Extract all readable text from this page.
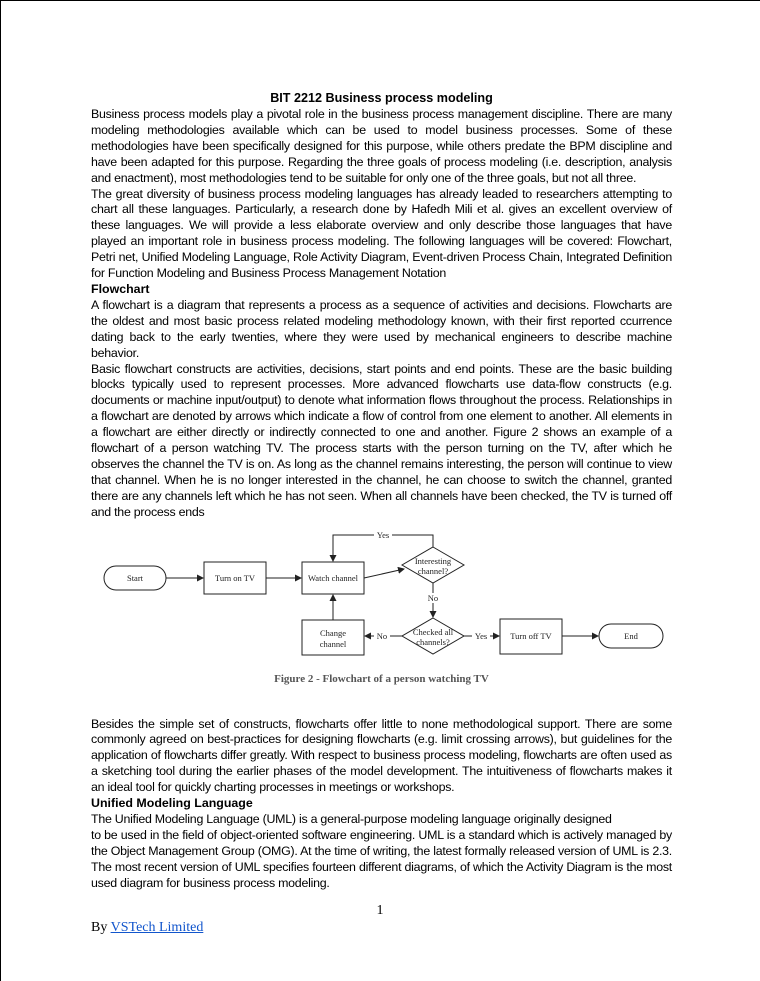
BIT 2212 Business process modeling

Business process models play a pivotal role in the business process management discipline. There are many modeling methodologies available which can be used to model business processes. Some of these methodologies have been specifically designed for this purpose, while others predate the BPM discipline and have been adapted for this purpose. Regarding the three goals of process modeling (i.e. description, analysis and enactment), most methodologies tend to be suitable for only one of the three goals, but not all three.

The great diversity of business process modeling languages has already leaded to researchers attempting to chart all these languages. Particularly, a research done by Hafedh Mili et al. gives an excellent overview of these languages. We will provide a less elaborate overview and only describe those languages that have played an important role in business process modeling. The following languages will be covered: Flowchart, Petri net, Unified Modeling Language, Role Activity Diagram, Event-driven Process Chain, Integrated Definition for Function Modeling and Business Process Management Notation

Flowchart

A flowchart is a diagram that represents a process as a sequence of activities and decisions. Flowcharts are the oldest and most basic process related modeling methodology known, with their first reported ccurrence dating back to the early twenties, where they were used by mechanical engineers to describe machine behavior.

Basic flowchart constructs are activities, decisions, start points and end points. These are the basic building blocks typically used to represent processes. More advanced flowcharts use data-flow constructs (e.g. documents or machine input/output) to denote what information flows throughout the process. Relationships in a flowchart are denoted by arrows which indicate a flow of control from one element to another. All elements in a flowchart are either directly or indirectly connected to one and another. Figure 2 shows an example of a flowchart of a person watching TV. The process starts with the person turning on the TV, after which he observes the channel the TV is on. As long as the channel remains interesting, the person will continue to view that channel. When he is no longer interested in the channel, he can choose to switch the channel, granted there are any channels left which he has not seen. When all channels have been checked, the TV is turned off and the process ends

Start	Turn on TV	Watch channel
Interesting
channel?
Change
channel
Checked all
channels?
Turn off TV	End
Yes
No
No	Yes
Figure 2 - Flowchart of a person watching TV

Besides the simple set of constructs, flowcharts offer little to none methodological support. There are some commonly agreed on best-practices for designing flowcharts (e.g. limit crossing arrows), but guidelines for the application of flowcharts differ greatly. With respect to business process modeling, flowcharts are often used as a sketching tool during the earlier phases of the model development. The intuitiveness of flowcharts makes it an ideal tool for quickly charting processes in meetings or workshops.

Unified Modeling Language

The Unified Modeling Language (UML) is a general-purpose modeling language originally designed

to be used in the field of object-oriented software engineering. UML is a standard which is actively managed by the Object Management Group (OMG). At the time of writing, the latest formally released version of UML is 2.3. The most recent version of UML specifies fourteen different diagrams, of which the Activity Diagram is the most used diagram for business process modeling.

1
By VSTech Limited
